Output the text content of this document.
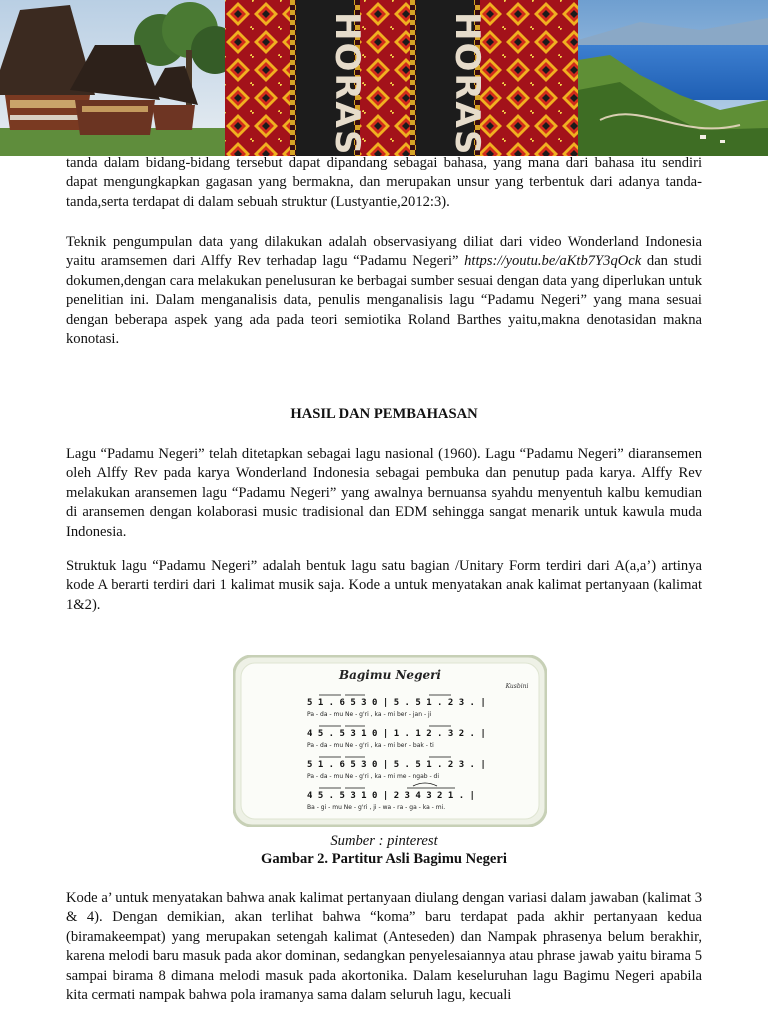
HORAS HORAS

tanda dalam bidang-bidang tersebut dapat dipandang sebagai bahasa, yang mana dari bahasa itu sendiri dapat mengungkapkan gagasan yang bermakna, dan merupakan unsur yang terbentuk dari adanya tanda-tanda,serta terdapat di dalam sebuah struktur (Lustyantie,2012:3).

Teknik pengumpulan data yang dilakukan adalah observasiyang diliat dari video Wonderland Indonesia yaitu aramsemen dari Alffy Rev terhadap lagu “Padamu Negeri” https://youtu.be/aKtb7Y3qOck dan studi dokumen,dengan cara melakukan penelusuran ke berbagai sumber sesuai dengan data yang diperlukan untuk penelitian ini. Dalam menganalisis data, penulis menganalisis lagu “Padamu Negeri” yang mana sesuai dengan beberapa aspek yang ada pada teori semiotika Roland Barthes yaitu,makna denotasidan makna konotasi.

HASIL DAN PEMBAHASAN

Lagu “Padamu Negeri” telah ditetapkan sebagai lagu nasional (1960). Lagu “Padamu Negeri” diaransemen oleh Alffy Rev pada karya Wonderland Indonesia sebagai pembuka dan penutup pada karya. Alffy Rev melakukan aransemen lagu “Padamu Negeri” yang awalnya bernuansa syahdu menyentuh kalbu kemudian di aransemen dengan kolaborasi music tradisional dan EDM sehingga sangat menarik untuk kawula muda Indonesia.

Struktuk lagu “Padamu Negeri” adalah bentuk lagu satu bagian /Unitary Form terdiri dari A(a,a’) artinya kode A berarti terdiri dari 1 kalimat musik saja. Kode a untuk menyatakan anak kalimat pertanyaan (kalimat 1&2).

Kode a’ untuk menyatakan bahwa anak kalimat pertanyaan diulang dengan variasi dalam jawaban (kalimat 3 & 4). Dengan demikian, akan terlihat bahwa “koma” baru terdapat pada akhir pertanyaan kedua (biramakeempat) yang merupakan setengah kalimat (Anteseden) dan Nampak phrasenya belum berakhir, karena melodi baru masuk pada akor dominan, sedangkan penyelesaiannya atau phrase jawab yaitu birama 5 sampai birama 8 dimana melodi masuk pada akortonika. Dalam keseluruhan lagu Bagimu Negeri apabila kita cermati nampak bahwa pola iramanya sama dalam seluruh lagu, kecuali

Bagimu Negeri
Kusbini
5 1 . 6 5 3 0 | 5 . 5 1 . 2 3 . |
Pa - da - mu Ne - g'ri , ka - mi ber - jan - ji
4 5 . 5 3 1 0 | 1 . 1 2 . 3 2 . |
Pa - da - mu Ne - g'ri , ka - mi ber - bak - ti
5 1 . 6 5 3 0 | 5 . 5 1 . 2 3 . |
Pa - da - mu Ne - g'ri , ka - mi me - ngab - di
4 5 . 5 3 1 0 | 2 3 4 3 2 1 . |
Ba - gi - mu Ne - g'ri , ji - wa - ra - ga - ka - mi.
Sumber : pinterest
Gambar 2. Partitur Asli Bagimu Negeri
